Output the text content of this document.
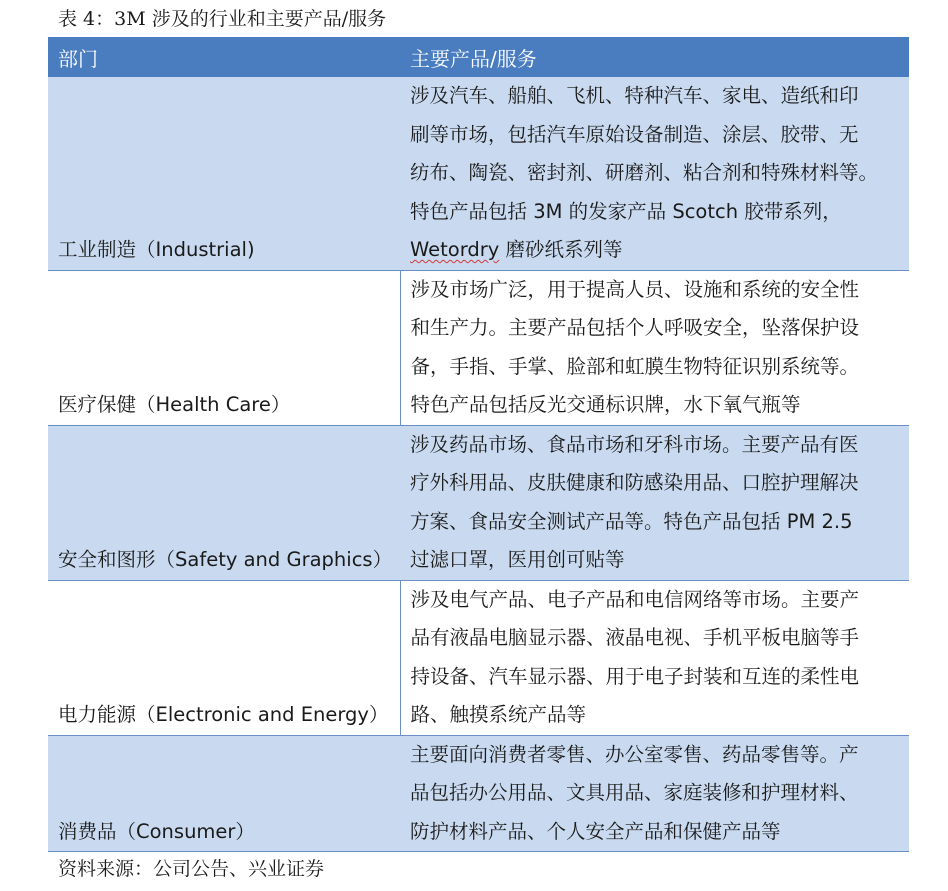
表 4：3M 涉及的行业和主要产品/服务
部门	主要产品/服务
工业制造（Industrial)	涉及汽车、船舶、飞机、特种汽车、家电、造纸和印
刷等市场，包括汽车原始设备制造、涂层、胶带、无
纺布、陶瓷、密封剂、研磨剂、粘合剂和特殊材料等。
特色产品包括 3M 的发家产品 Scotch 胶带系列，
Wetordry 磨砂纸系列等

医疗保健（Health Care）	涉及市场广泛，用于提高人员、设施和系统的安全性
和生产力。主要产品包括个人呼吸安全，坠落保护设
备，手指、手掌、脸部和虹膜生物特征识别系统等。
特色产品包括反光交通标识牌，水下氧气瓶等

安全和图形（Safety and Graphics）	涉及药品市场、食品市场和牙科市场。主要产品有医
疗外科用品、皮肤健康和防感染用品、口腔护理解决
方案、食品安全测试产品等。特色产品包括 PM 2.5
过滤口罩，医用创可贴等

电力能源（Electronic and Energy）	涉及电气产品、电子产品和电信网络等市场。主要产
品有液晶电脑显示器、液晶电视、手机平板电脑等手
持设备、汽车显示器、用于电子封装和互连的柔性电
路、触摸系统产品等

消费品（Consumer）	主要面向消费者零售、办公室零售、药品零售等。产
品包括办公用品、文具用品、家庭装修和护理材料、
防护材料产品、个人安全产品和保健产品等
资料来源：公司公告、兴业证券
